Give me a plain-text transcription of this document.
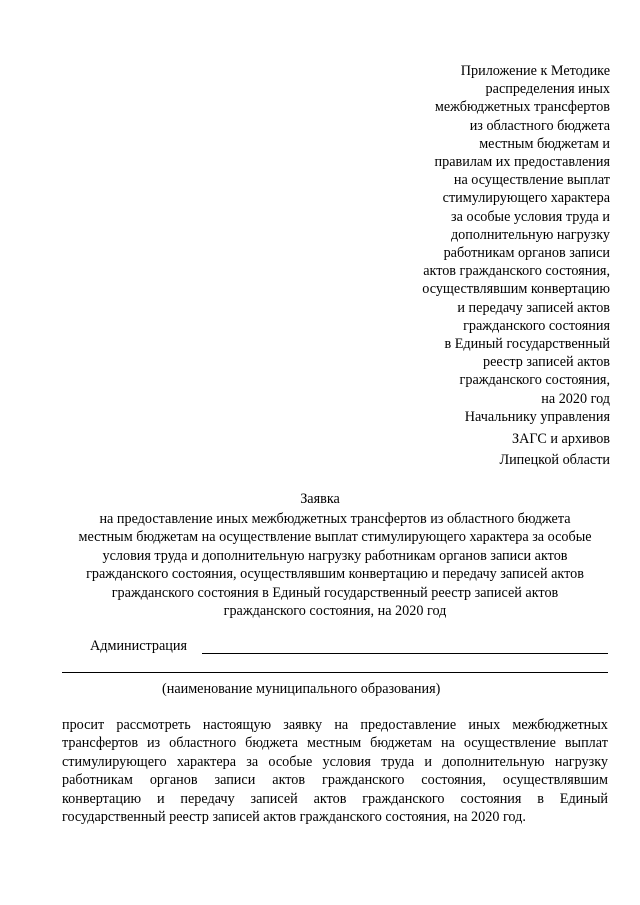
Приложение к Методике
распределения иных
межбюджетных трансфертов
из областного бюджета
местным бюджетам и
правилам их предоставления
на осуществление выплат
стимулирующего характера
за особые условия труда и
дополнительную нагрузку
работникам органов записи
актов гражданского состояния,
осуществлявшим конвертацию
и передачу записей актов
гражданского состояния
в Единый государственный
реестр записей актов
гражданского состояния,
на 2020 год
Начальнику управления
ЗАГС и архивов
Липецкой области
Заявка
на предоставление иных межбюджетных трансфертов из областного бюджета
местным бюджетам на осуществление выплат стимулирующего характера за особые
условия труда и дополнительную нагрузку работникам органов записи актов
гражданского состояния, осуществлявшим конвертацию и передачу записей актов
гражданского состояния в Единый государственный реестр записей актов
гражданского состояния, на 2020 год
Администрация
(наименование муниципального образования)
просит рассмотреть настоящую заявку на предоставление иных межбюджетных
трансфертов из областного бюджета местным бюджетам на осуществление выплат
стимулирующего характера за особые условия труда и дополнительную нагрузку
работникам органов записи актов гражданского состояния, осуществлявшим
конвертацию и передачу записей актов гражданского состояния в Единый
государственный реестр записей актов гражданского состояния, на 2020 год.
